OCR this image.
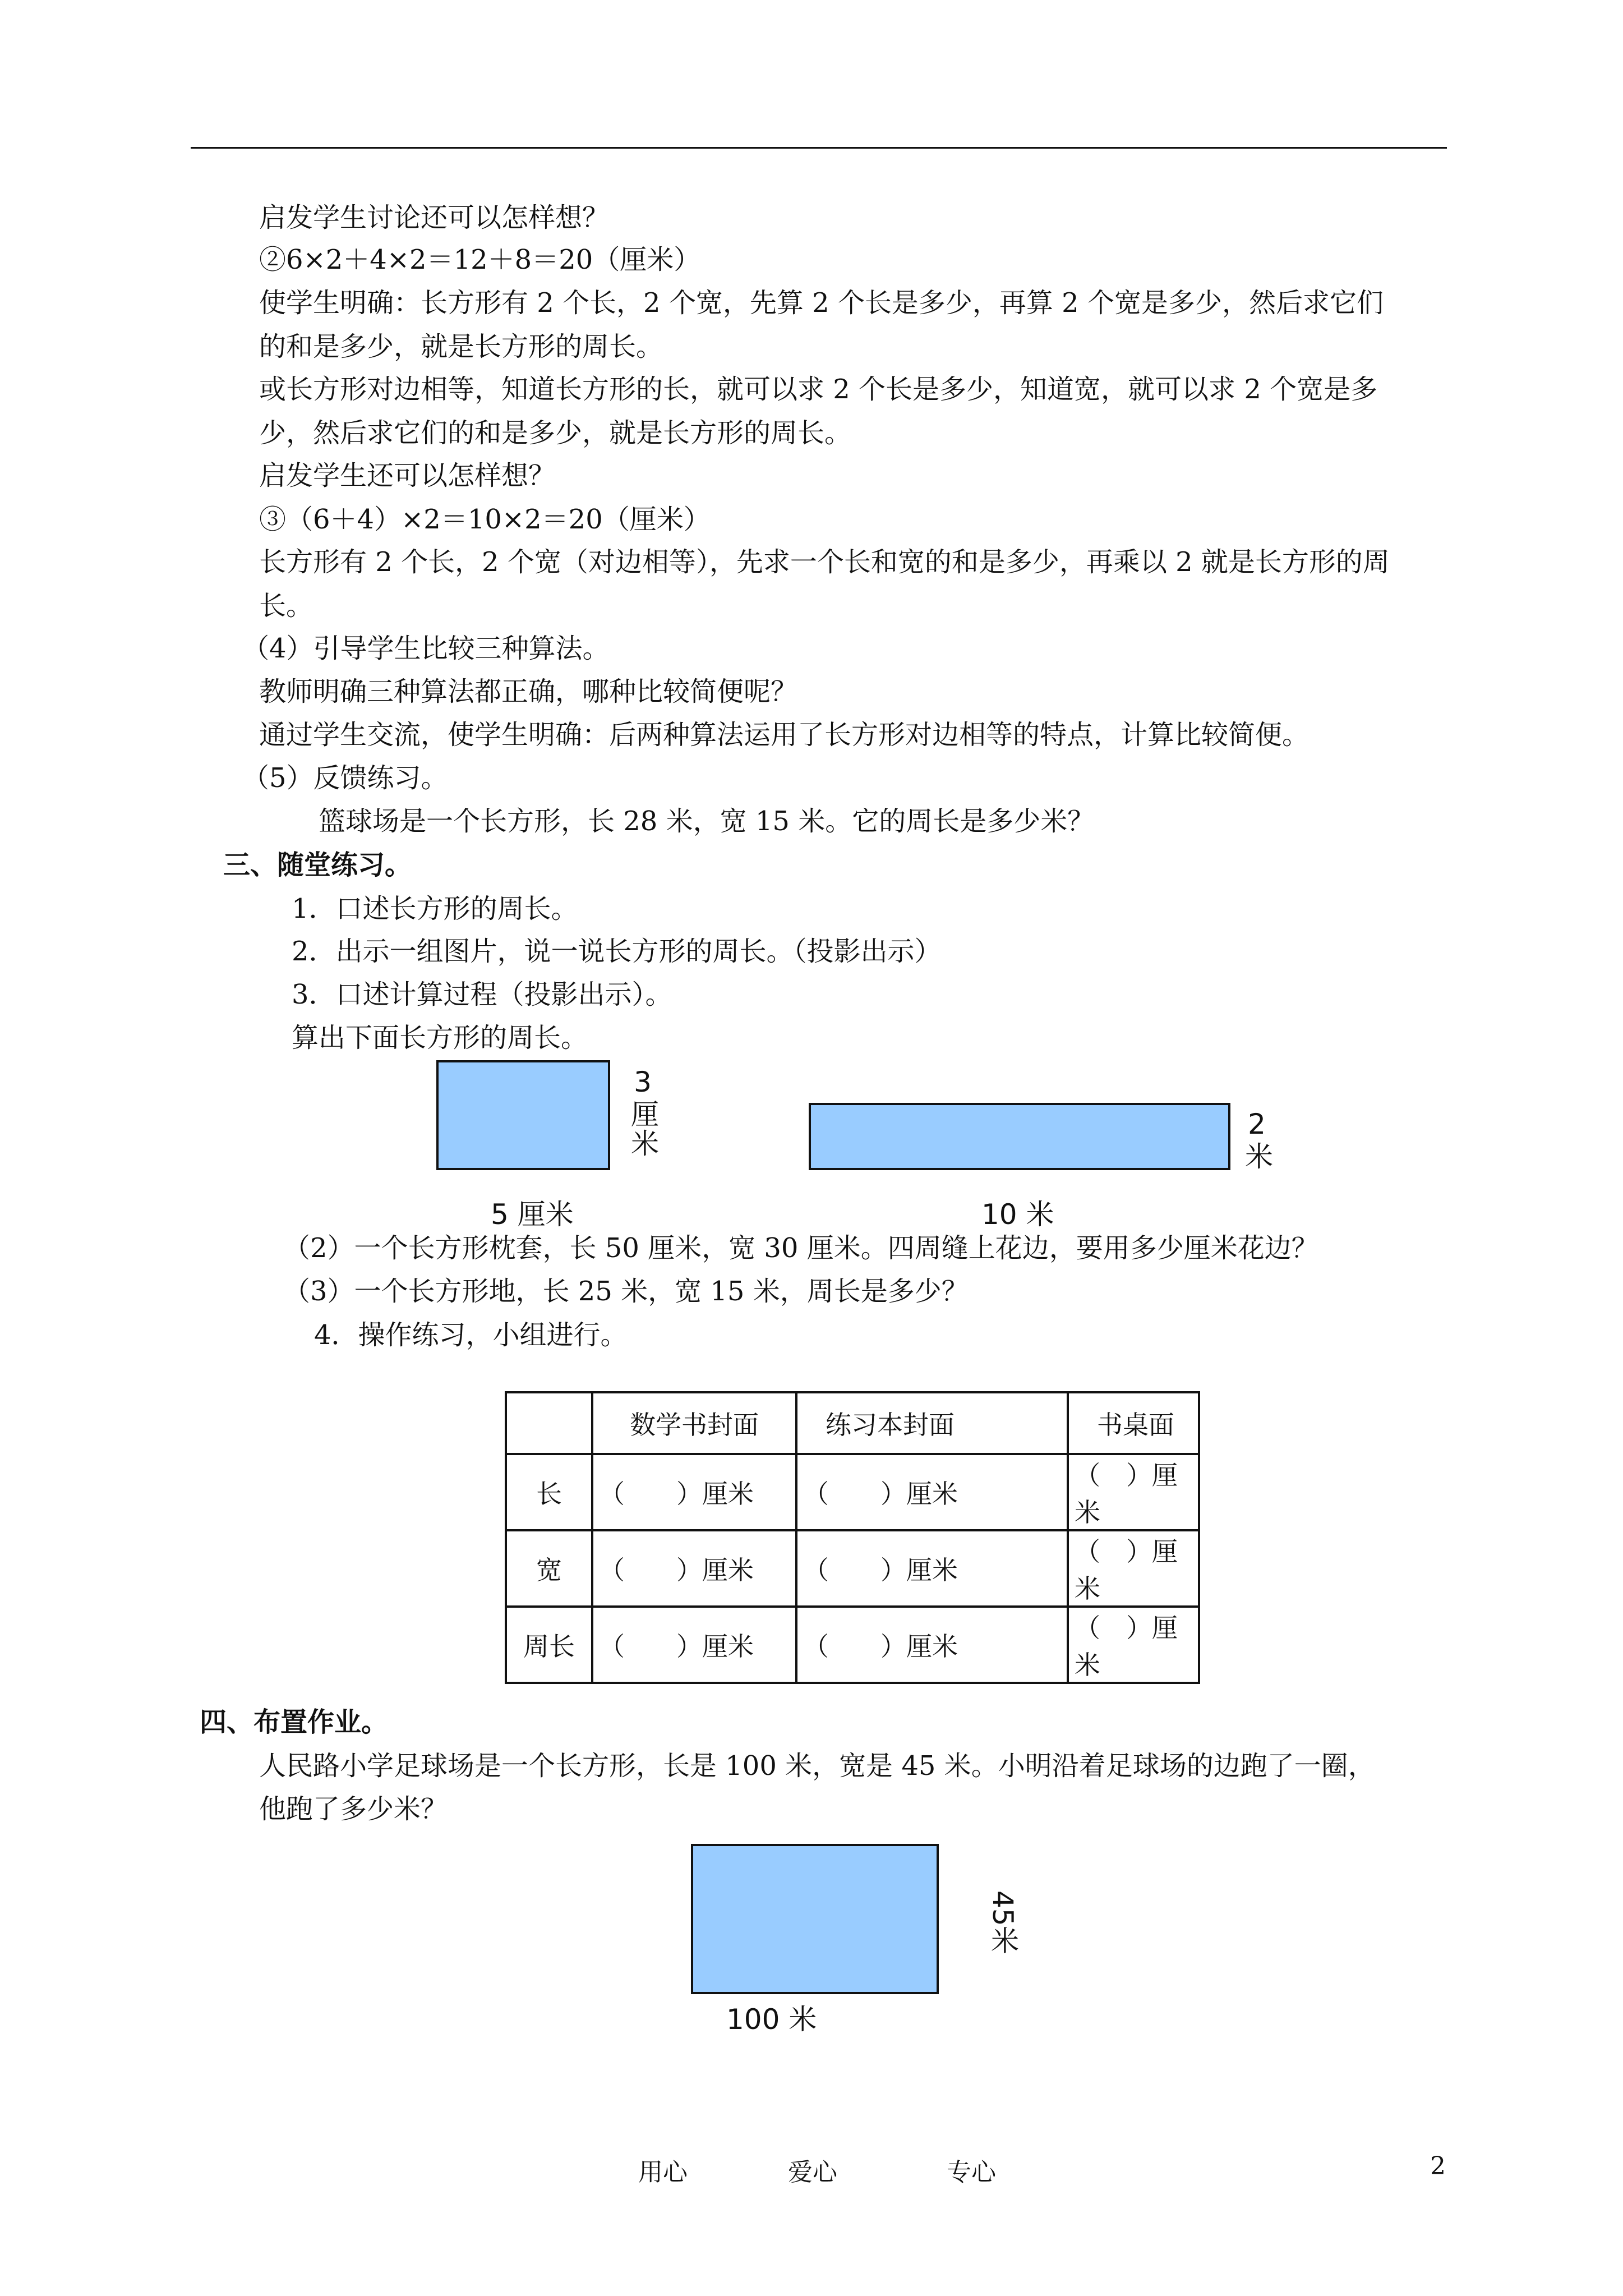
启发学生讨论还可以怎样想？
②6×2＋4×2＝12＋8＝20（厘米）
使学生明确：长方形有 2 个长，2 个宽，先算 2 个长是多少，再算 2 个宽是多少，然后求它们
的和是多少，就是长方形的周长。
或长方形对边相等，知道长方形的长，就可以求 2 个长是多少，知道宽，就可以求 2 个宽是多
少，然后求它们的和是多少，就是长方形的周长。
启发学生还可以怎样想？
③（6＋4）×2＝10×2＝20（厘米）
长方形有 2 个长，2 个宽（对边相等），先求一个长和宽的和是多少，再乘以 2 就是长方形的周
长。
（4）引导学生比较三种算法。
教师明确三种算法都正确，哪种比较简便呢？
通过学生交流，使学生明确：后两种算法运用了长方形对边相等的特点，计算比较简便。
（5）反馈练习。
篮球场是一个长方形，长 28 米，宽 15 米。它的周长是多少米？
三、随堂练习。
1．口述长方形的周长。
2．出示一组图片，说一说长方形的周长。（投影出示）
3．口述计算过程（投影出示）。
算出下面长方形的周长。
5 厘米
3厘米
10 米
2米
（2）一个长方形枕套，长 50 厘米，宽 30 厘米。四周缝上花边，要用多少厘米花边？
（3）一个长方形地，长 25 米，宽 15 米，周长是多少？
4．操作练习，小组进行。
	数学书封面	练习本封面	书桌面
长	（　　）厘米	（　　）厘米	（　）厘米
宽	（　　）厘米	（　　）厘米	（　）厘米
周长	（　　）厘米	（　　）厘米	（　）厘米
四、布置作业。
人民路小学足球场是一个长方形，长是 100 米，宽是 45 米。小明沿着足球场的边跑了一圈，
他跑了多少米？
100 米
45米
用心	爱心	专心	2
